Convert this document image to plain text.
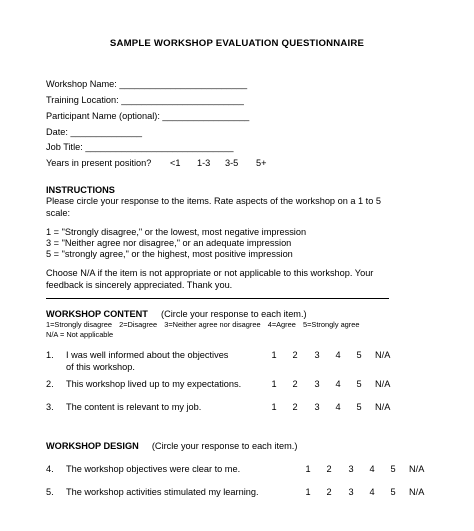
SAMPLE WORKSHOP EVALUATION QUESTIONNAIRE
Workshop Name: _________________________
Training Location: ________________________
Participant Name (optional): _________________
Date: ______________
Job Title: _____________________________
Years in present position? <1 1-3 3-5 5+
INSTRUCTIONS
Please circle your response to the items. Rate aspects of the workshop on a 1 to 5
scale:
1 = "Strongly disagree," or the lowest, most negative impression
3 = "Neither agree nor disagree," or an adequate impression
5 = "strongly agree," or the highest, most positive impression
Choose N/A if the item is not appropriate or not applicable to this workshop. Your
feedback is sincerely appreciated. Thank you.
WORKSHOP CONTENT (Circle your response to each item.)
1=Strongly disagree 2=Disagree 3=Neither agree nor disagree 4=Agree 5=Strongly agree
N/A = Not applicable
1. I was well informed about the objectives
of this workshop.
1	2	3	4	5	N/A
2. This workshop lived up to my expectations.	1	2	3	4	5	N/A
3. The content is relevant to my job.	1	2	3	4	5	N/A
WORKSHOP DESIGN (Circle your response to each item.)
4. The workshop objectives were clear to me.	1	2	3	4	5	N/A
5. The workshop activities stimulated my learning.	1	2	3	4	5	N/A
